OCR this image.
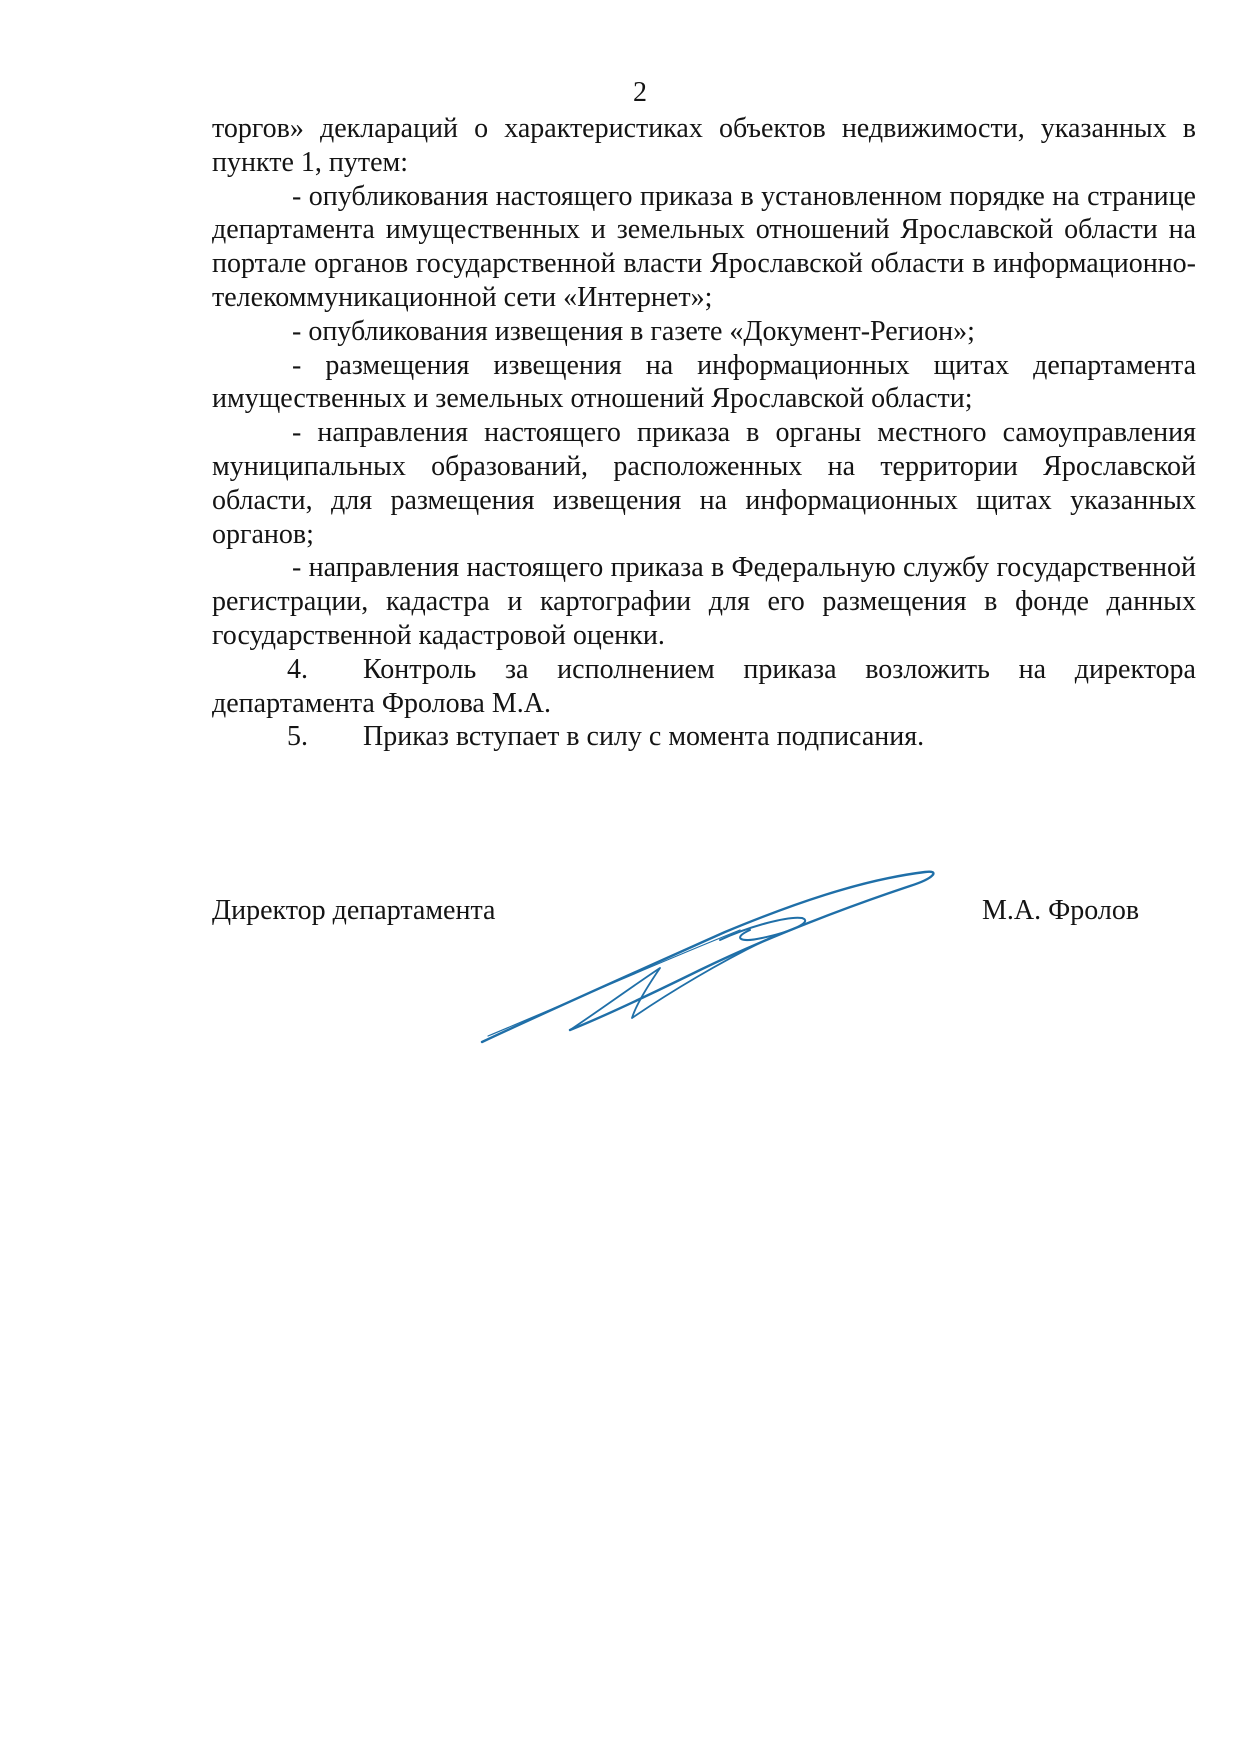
2

торгов» деклараций о характеристиках объектов недвижимости, указанных в пункте 1, путем:

- опубликования настоящего приказа в установленном порядке на странице департамента имущественных и земельных отношений Ярославской области на портале органов государственной власти Ярославской области в информационно-телекоммуникационной сети «Интернет»;

- опубликования извещения в газете «Документ-Регион»;

- размещения извещения на информационных щитах департамента имущественных и земельных отношений Ярославской области;

- направления настоящего приказа в органы местного самоуправления муниципальных образований, расположенных на территории Ярославской области, для размещения извещения на информационных щитах указанных органов;

- направления настоящего приказа в Федеральную службу государственной регистрации, кадастра и картографии для его размещения в фонде данных государственной кадастровой оценки.

4. Контроль за исполнением приказа возложить на директора департамента Фролова М.А.

5. Приказ вступает в силу с момента подписания.

Директор департамента	М.А. Фролов
